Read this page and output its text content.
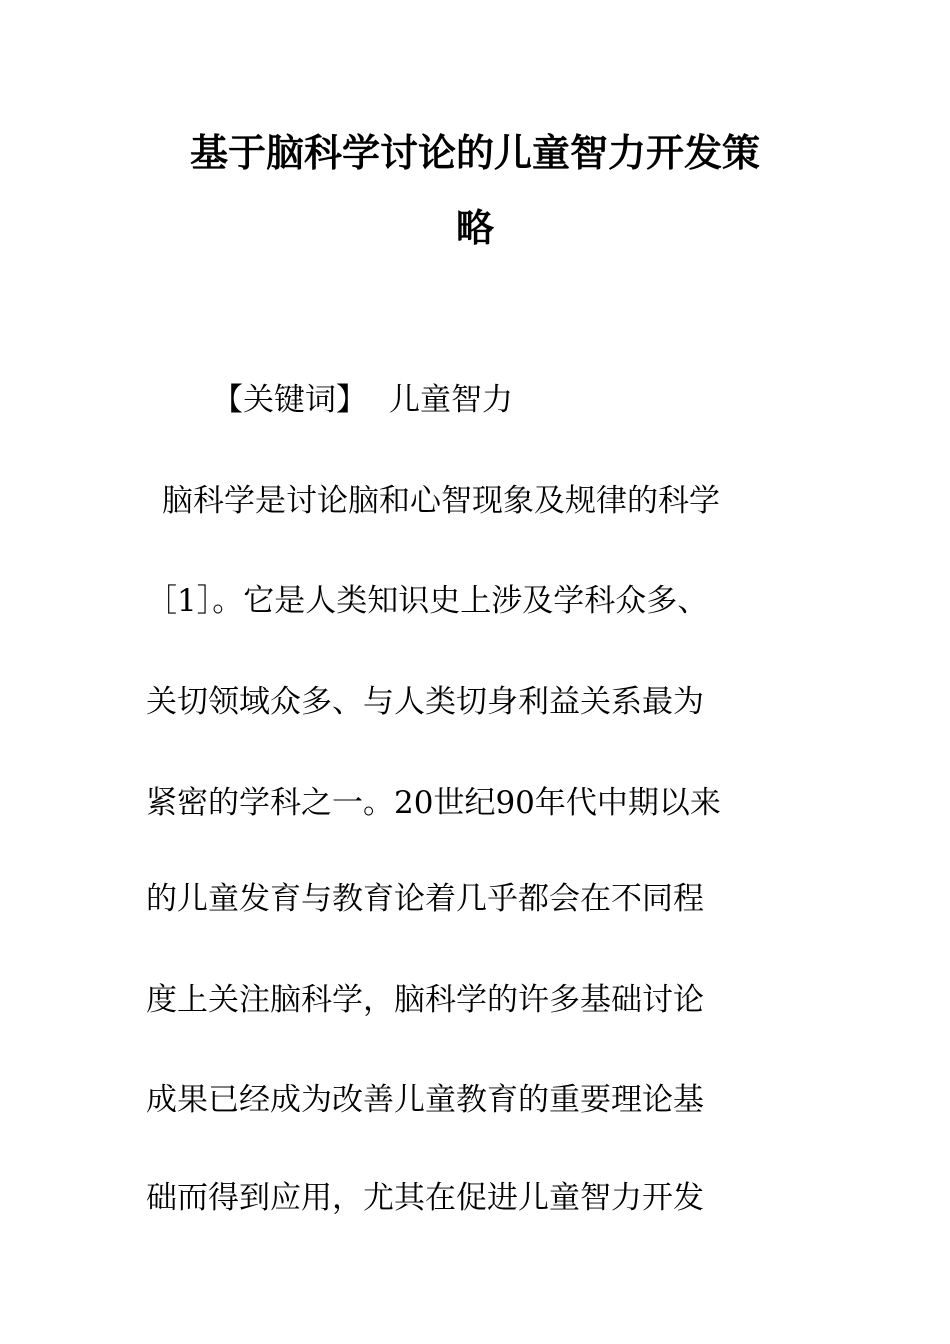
基于脑科学讨论的儿童智力开发策
略
【关键词】 儿童智力
脑科学是讨论脑和心智现象及规律的科学
［1］。它是人类知识史上涉及学科众多、
关切领域众多、与人类切身利益关系最为
紧密的学科之一。20世纪90年代中期以来
的儿童发育与教育论着几乎都会在不同程
度上关注脑科学，脑科学的许多基础讨论
成果已经成为改善儿童教育的重要理论基
础而得到应用，尤其在促进儿童智力开发
